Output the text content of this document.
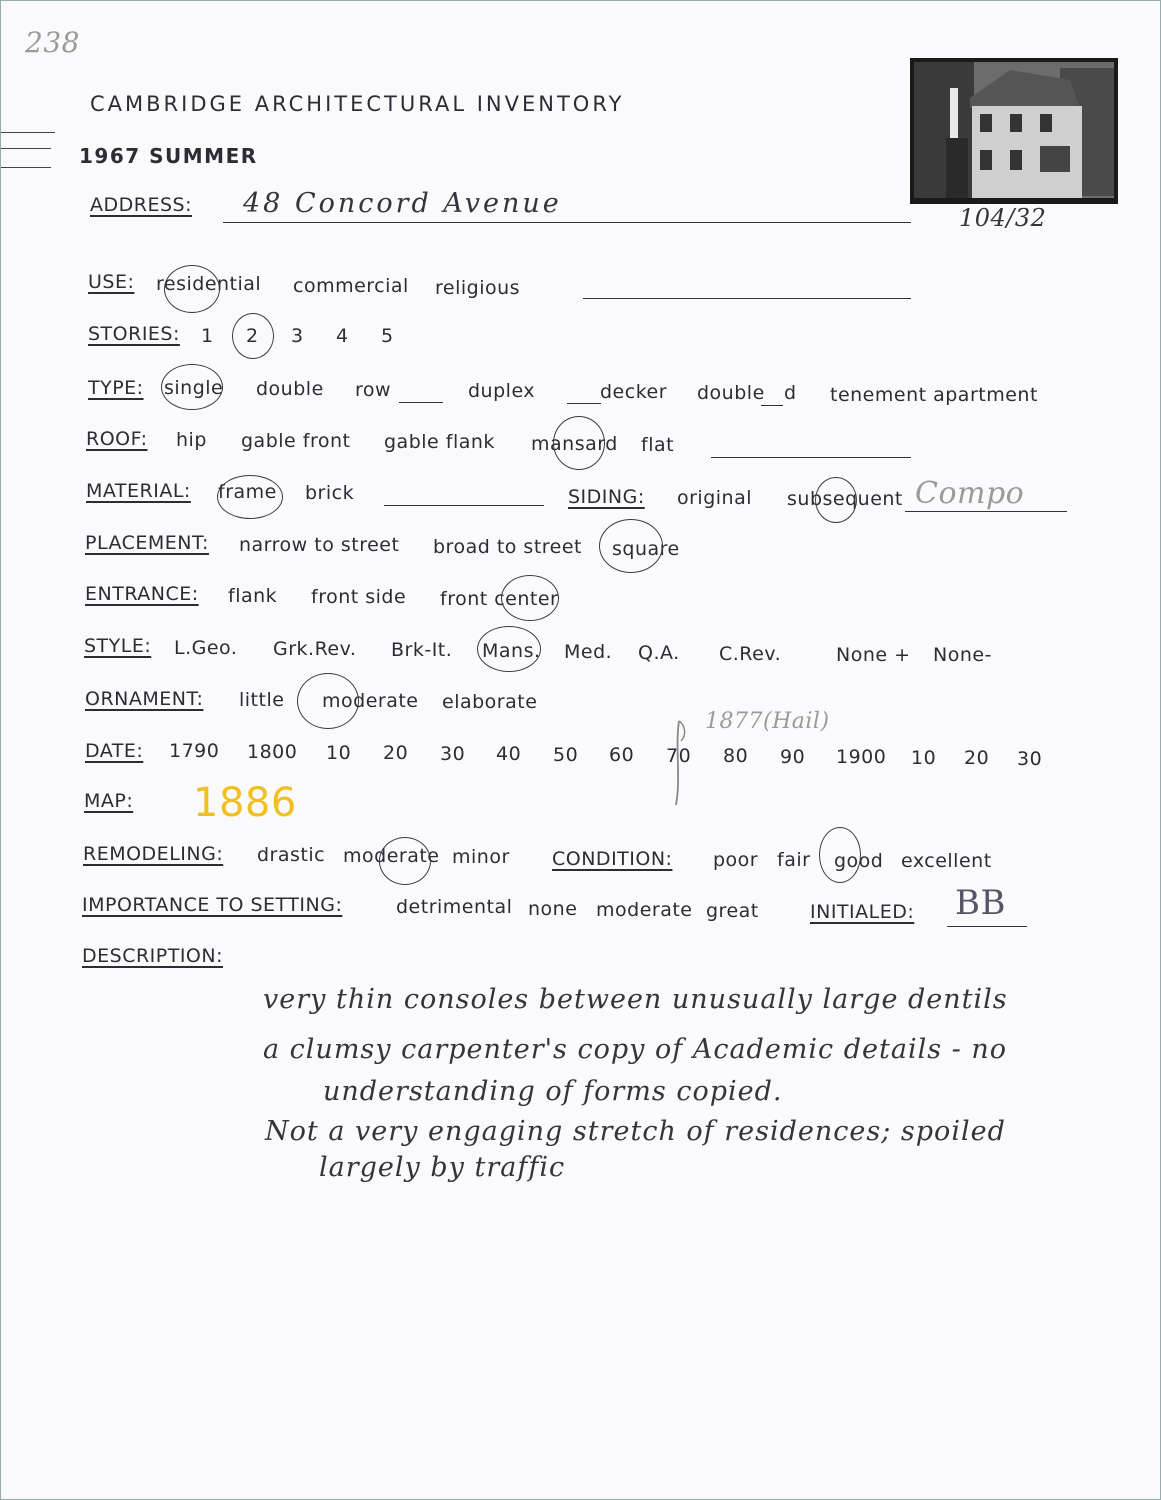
238
CAMBRIDGE ARCHITECTURAL INVENTORY
1967 SUMMER
ADDRESS: 48 Concord Avenue	104/32
USE: residential commercial religious
STORIES: 1 2 3 4 5
TYPE: single double row	duplex	decker double d tenement apartment
ROOF: hip gable front gable flank mansard flat
MATERIAL: frame brick	SIDING: original subsequent Compo
PLACEMENT: narrow to street broad to street square
ENTRANCE: flank front side front center
STYLE: L.Geo. Grk.Rev. Brk-It. Mans. Med. Q.A. C.Rev.	None + None-
ORNAMENT: little moderate elaborate
DATE: 1790 1800 10 20 30 40 50 60 70 80 90 1900 10 20 30
1877(Hail)
MAP: 1886
REMODELING: drastic moderate minor CONDITION: poor fair good excellent
IMPORTANCE TO SETTING:	detrimental none moderate great	INITIALED: BB
DESCRIPTION:
very thin consoles between unusually large dentils
a clumsy carpenter's copy of Academic details - no
understanding of forms copied.
Not a very engaging stretch of residences; spoiled
largely by traffic
